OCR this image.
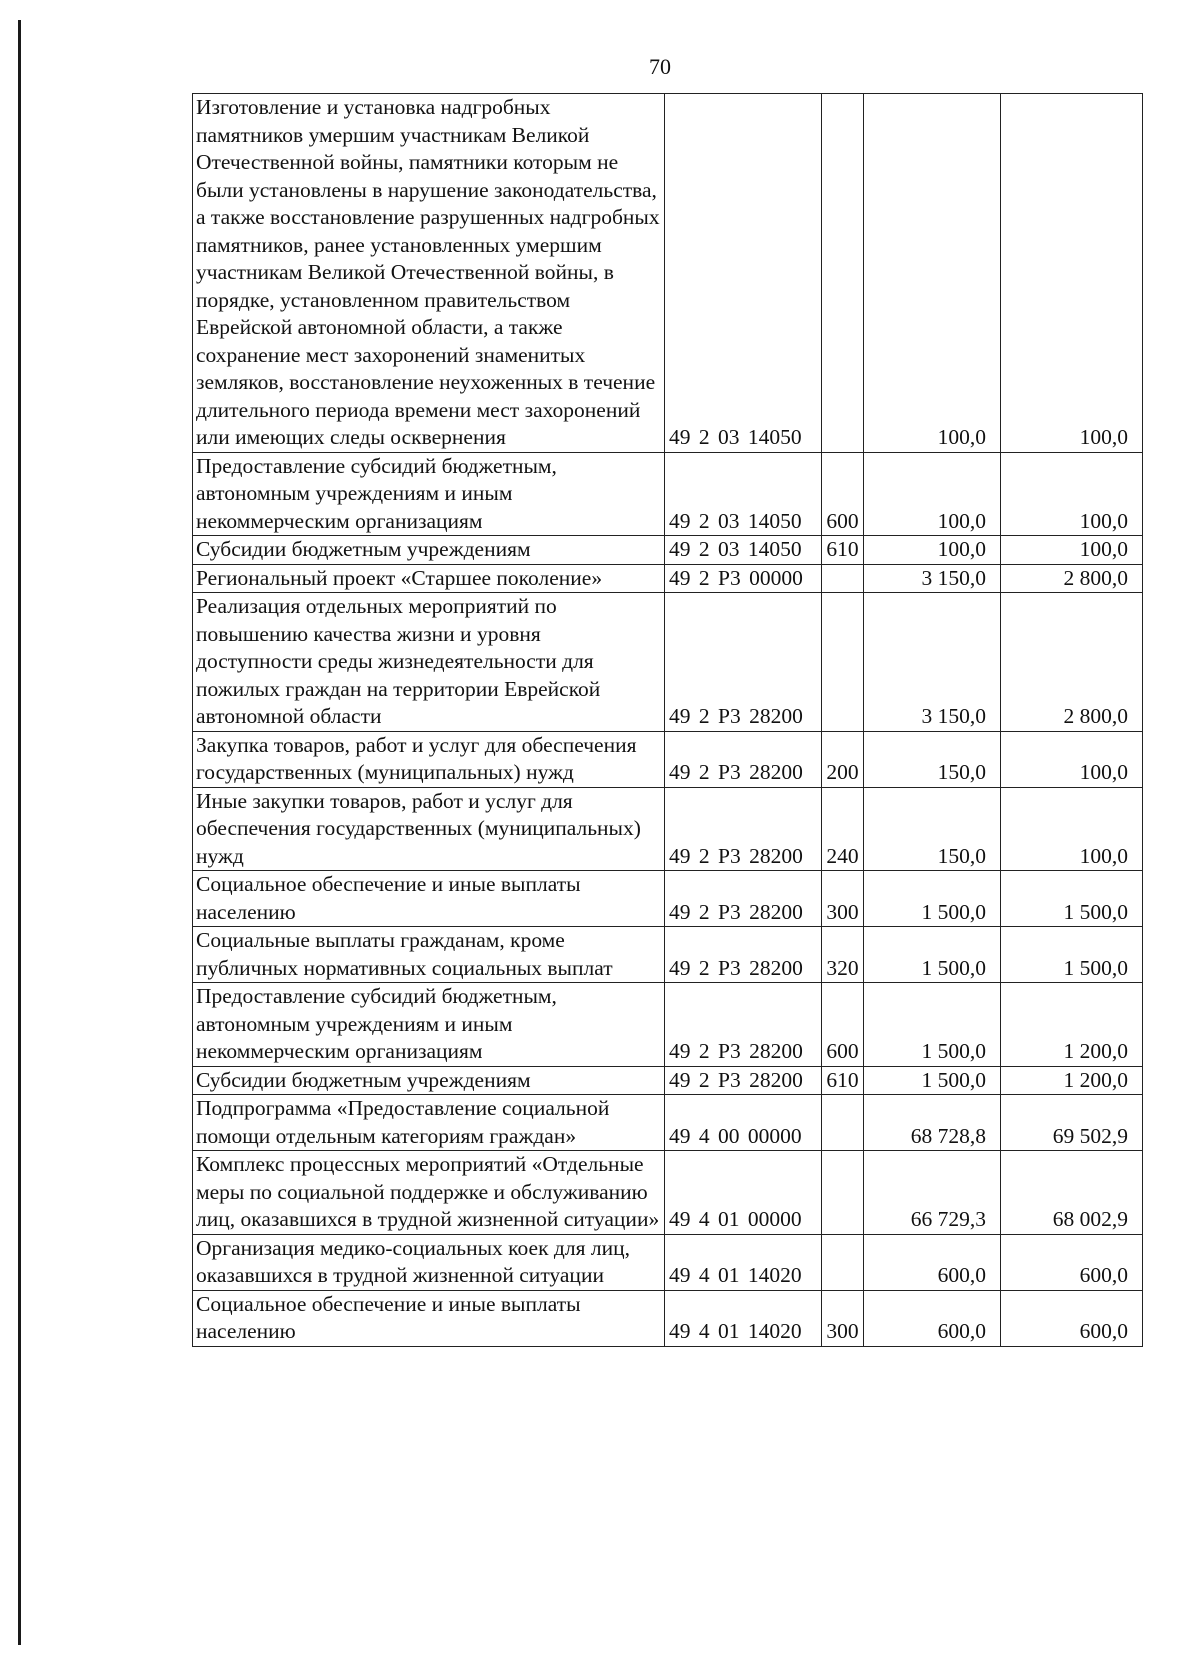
70
Изготовление и установка надгробных памятников умершим участникам Великой Отечественной войны, памятники которым не были установлены в нарушение законодательства, а также восстановление разрушенных надгробных памятников, ранее установленных умершим участникам Великой Отечественной войны, в порядке, установленном правительством Еврейской автономной области, а также сохранение мест захоронений знаменитых земляков, восстановление неухоженных в течение длительного периода времени мест захоронений или имеющих следы осквернения	49 2 03 14050		100,0	100,0
Предоставление субсидий бюджетным, автономным учреждениям и иным некоммерческим организациям	49 2 03 14050	600	100,0	100,0
Субсидии бюджетным учреждениям	49 2 03 14050	610	100,0	100,0
Региональный проект «Старшее поколение»	49 2 P3 00000		3 150,0	2 800,0
Реализация отдельных мероприятий по повышению качества жизни и уровня доступности среды жизнедеятельности для пожилых граждан на территории Еврейской автономной области	49 2 P3 28200		3 150,0	2 800,0
Закупка товаров, работ и услуг для обеспечения государственных (муниципальных) нужд	49 2 P3 28200	200	150,0	100,0
Иные закупки товаров, работ и услуг для обеспечения государственных (муниципальных) нужд	49 2 P3 28200	240	150,0	100,0
Социальное обеспечение и иные выплаты населению	49 2 P3 28200	300	1 500,0	1 500,0
Социальные выплаты гражданам, кроме публичных нормативных социальных выплат	49 2 P3 28200	320	1 500,0	1 500,0
Предоставление субсидий бюджетным, автономным учреждениям и иным некоммерческим организациям	49 2 P3 28200	600	1 500,0	1 200,0
Субсидии бюджетным учреждениям	49 2 P3 28200	610	1 500,0	1 200,0
Подпрограмма «Предоставление социальной помощи отдельным категориям граждан»	49 4 00 00000		68 728,8	69 502,9
Комплекс процессных мероприятий «Отдельные меры по социальной поддержке и обслуживанию лиц, оказавшихся в трудной жизненной ситуации»	49 4 01 00000		66 729,3	68 002,9
Организация медико-социальных коек для лиц, оказавшихся в трудной жизненной ситуации	49 4 01 14020		600,0	600,0
Социальное обеспечение и иные выплаты населению	49 4 01 14020	300	600,0	600,0
